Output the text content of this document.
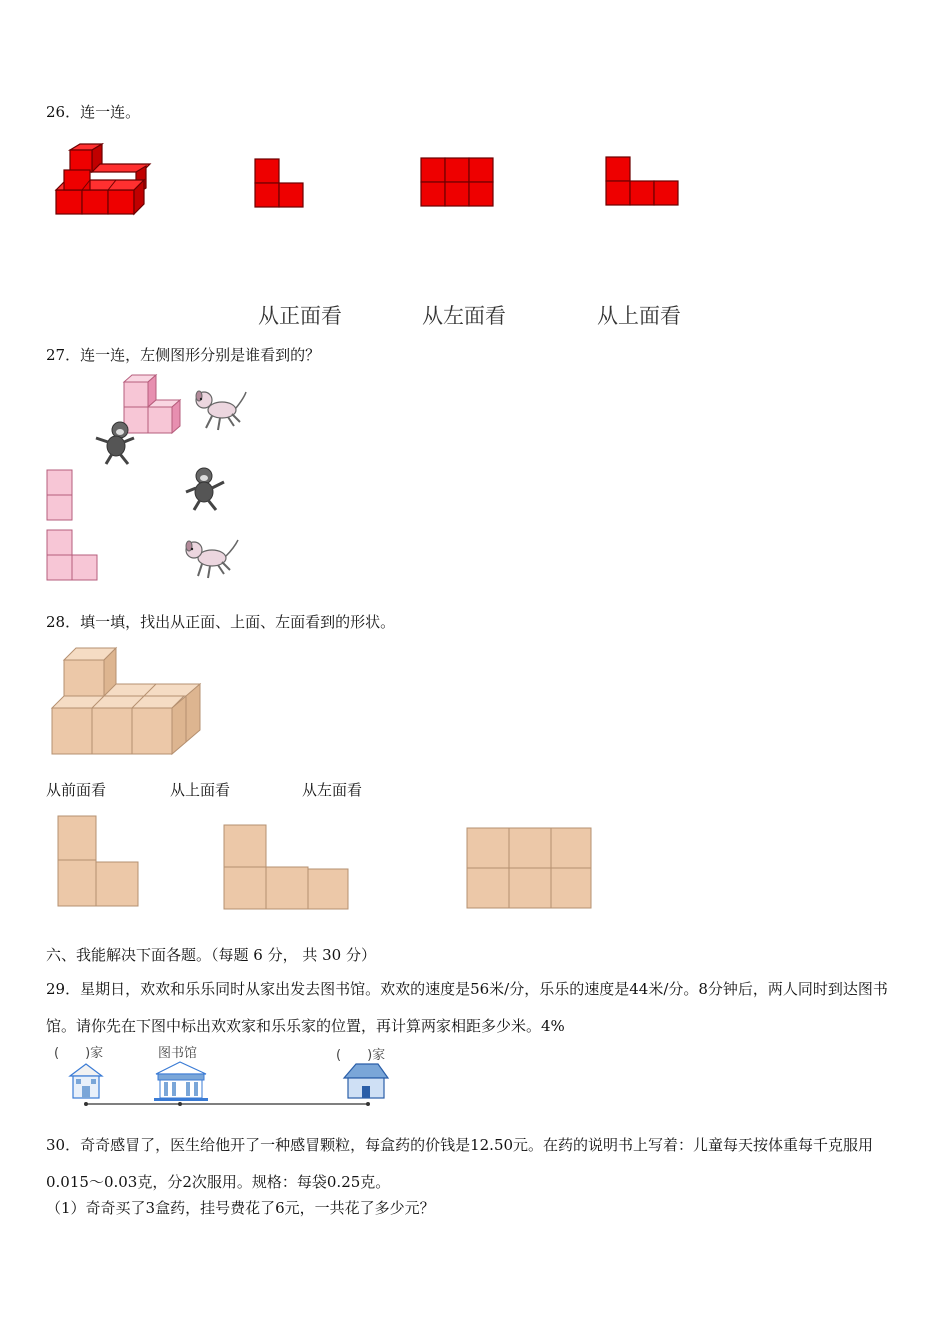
26．连一连。
从正面看	从左面看	从上面看
27．连一连，左侧图形分别是谁看到的？
28．填一填，找出从正面、上面、左面看到的形状。
从前面看	从上面看	从左面看
六、我能解决下面各题。（每题 6 分， 共 30 分）
29．星期日，欢欢和乐乐同时从家出发去图书馆。欢欢的速度是56米/分，乐乐的速度是44米/分。8分钟后，两人同时到达图书馆。请你先在下图中标出欢欢家和乐乐家的位置，再计算两家相距多少米。4%
(　　)家	图书馆	(　　)家
30．奇奇感冒了，医生给他开了一种感冒颗粒，每盒药的价钱是12.50元。在药的说明书上写着：儿童每天按体重每千克服用0.015～0.03克，分2次服用。规格：每袋0.25克。
（1）奇奇买了3盒药，挂号费花了6元，一共花了多少元？
